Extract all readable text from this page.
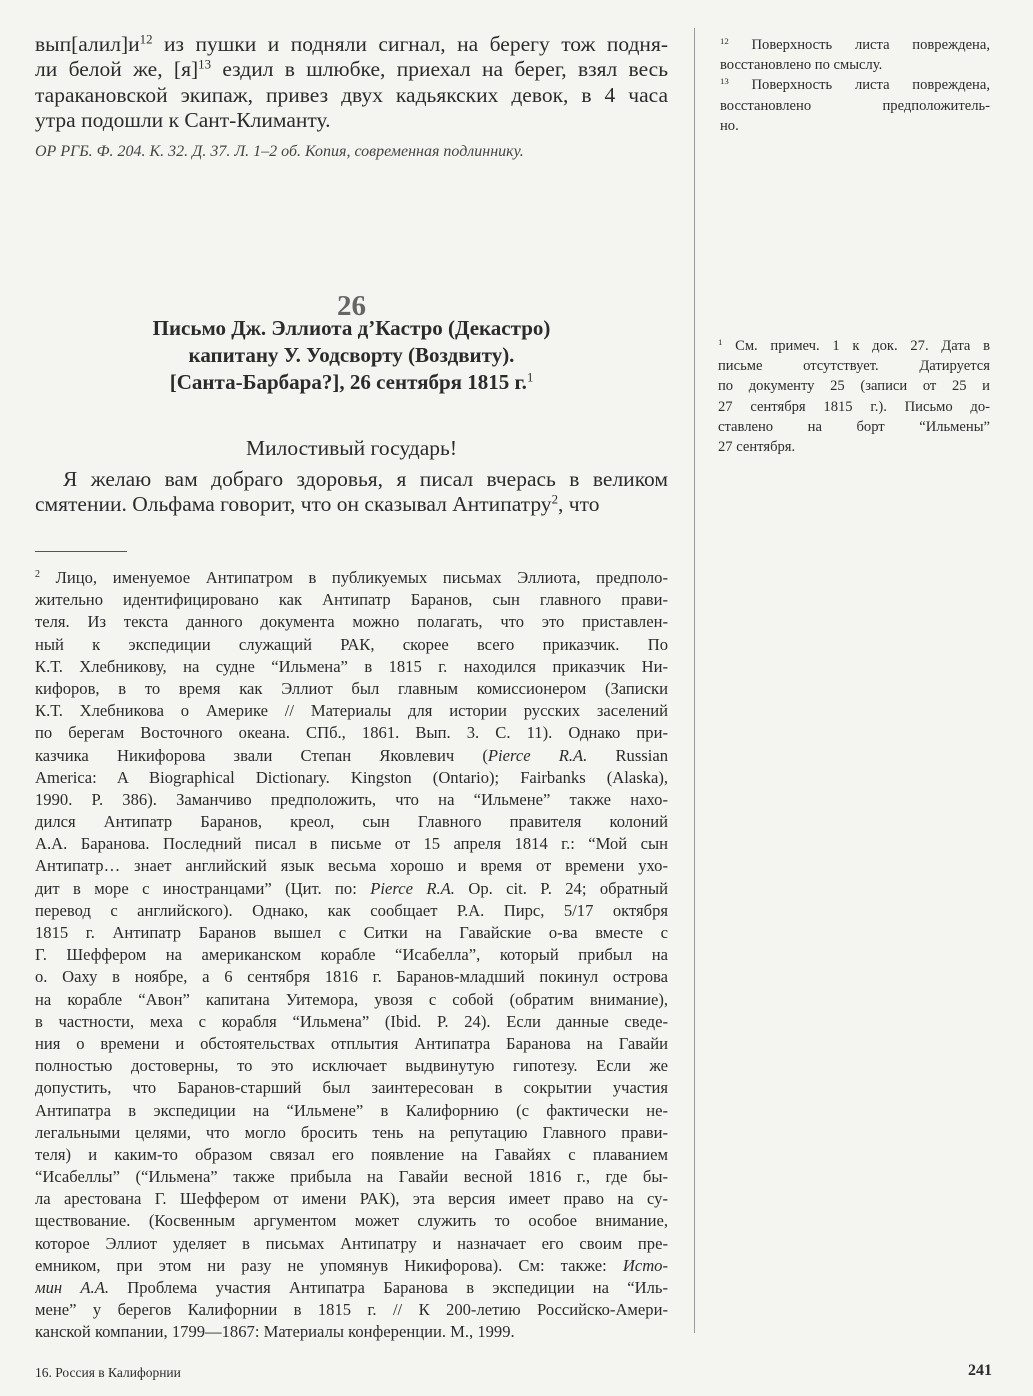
$вып[алил]и^{12}$ из пушки и подняли сигнал, на берегу тож подня-
ли белой же, $[я]^{13}$ ездил в шлюбке, приехал на берег, взял весь
таракановской экипаж, привез двух кадьякских девок, в 4 часа
утра подошли к Сант-Климанту.
ОР РГБ. Ф. 204. К. 32. Д. 37. Л. 1–2 об. Копия, современная подлиннику.
26
Письмо Дж. Эллиота д’Кастро (Декастро)
капитану У. Уодсворту (Воздвиту).
[Санта-Барбара?], 26 сентября 1815 г.$^1$
Милостивый государь!
Я желаю вам добраго здоровья, я писал вчерась в великом
смятении. Ольфама говорит, что он сказывал Антипатру$^2$, что
$^2$ Лицо, именуемое Антипатром в публикуемых письмах Эллиота, предполо-
жительно идентифицировано как Антипатр Баранов, сын главного прави-
теля. Из текста данного документа можно полагать, что это приставлен-
ный к экспедиции служащий РАК, скорее всего приказчик. По
К.Т. Хлебникову, на судне “Ильмена” в 1815 г. находился приказчик Ни-
кифоров, в то время как Эллиот был главным комиссионером (Записки
К.Т. Хлебникова о Америке // Материалы для истории русских заселений
по берегам Восточного океана. СПб., 1861. Вып. 3. С. 11). Однако при-
казчика Никифорова звали Степан Яковлевич (Pierce R.A. Russian
America: A Biographical Dictionary. Kingston (Ontario); Fairbanks (Alaska),
1990. P. 386). Заманчиво предположить, что на “Ильмене” также нахо-
дился Антипатр Баранов, креол, сын Главного правителя колоний
А.А. Баранова. Последний писал в письме от 15 апреля 1814 г.: “Мой сын
Антипатр… знает английский язык весьма хорошо и время от времени ухо-
дит в море с иностранцами” (Цит. по: Pierce R.A. Op. cit. P. 24; обратный
перевод с английского). Однако, как сообщает Р.А. Пирс, 5/17 октября
1815 г. Антипатр Баранов вышел с Ситки на Гавайские о-ва вместе с
Г. Шеффером на американском корабле “Исабелла”, который прибыл на
о. Оаху в ноябре, а 6 сентября 1816 г. Баранов-младший покинул острова
на корабле “Авон” капитана Уитемора, увозя с собой (обратим внимание),
в частности, меха с корабля “Ильмена” (Ibid. P. 24). Если данные сведе-
ния о времени и обстоятельствах отплытия Антипатра Баранова на Гавайи
полностью достоверны, то это исключает выдвинутую гипотезу. Если же
допустить, что Баранов-старший был заинтересован в сокрытии участия
Антипатра в экспедиции на “Ильмене” в Калифорнию (с фактически не-
легальными целями, что могло бросить тень на репутацию Главного прави-
теля) и каким-то образом связал его появление на Гавайях с плаванием
“Исабеллы” (“Ильмена” также прибыла на Гавайи весной 1816 г., где бы-
ла арестована Г. Шеффером от имени РАК), эта версия имеет право на су-
ществование. (Косвенным аргументом может служить то особое внимание,
которое Эллиот уделяет в письмах Антипатру и назначает его своим пре-
емником, при этом ни разу не упомянув Никифорова). См: также: Исто-
мин А.А. Проблема участия Антипатра Баранова в экспедиции на “Иль-
мене” у берегов Калифорнии в 1815 г. // К 200-летию Российско-Амери-
канской компании, 1799—1867: Материалы конференции. М., 1999.
$^{12}$ Поверхность листа повреждена,
восстановлено по смыслу.
$^{13}$ Поверхность листа повреждена,
восстановлено предположитель-
но.
$^1$ См. примеч. 1 к док. 27. Дата в
письме отсутствует. Датируется
по документу 25 (записи от 25 и
27 сентября 1815 г.). Письмо до-
ставлено на борт “Ильмены”
27 сентября.
16. Россия в Калифорнии	241
